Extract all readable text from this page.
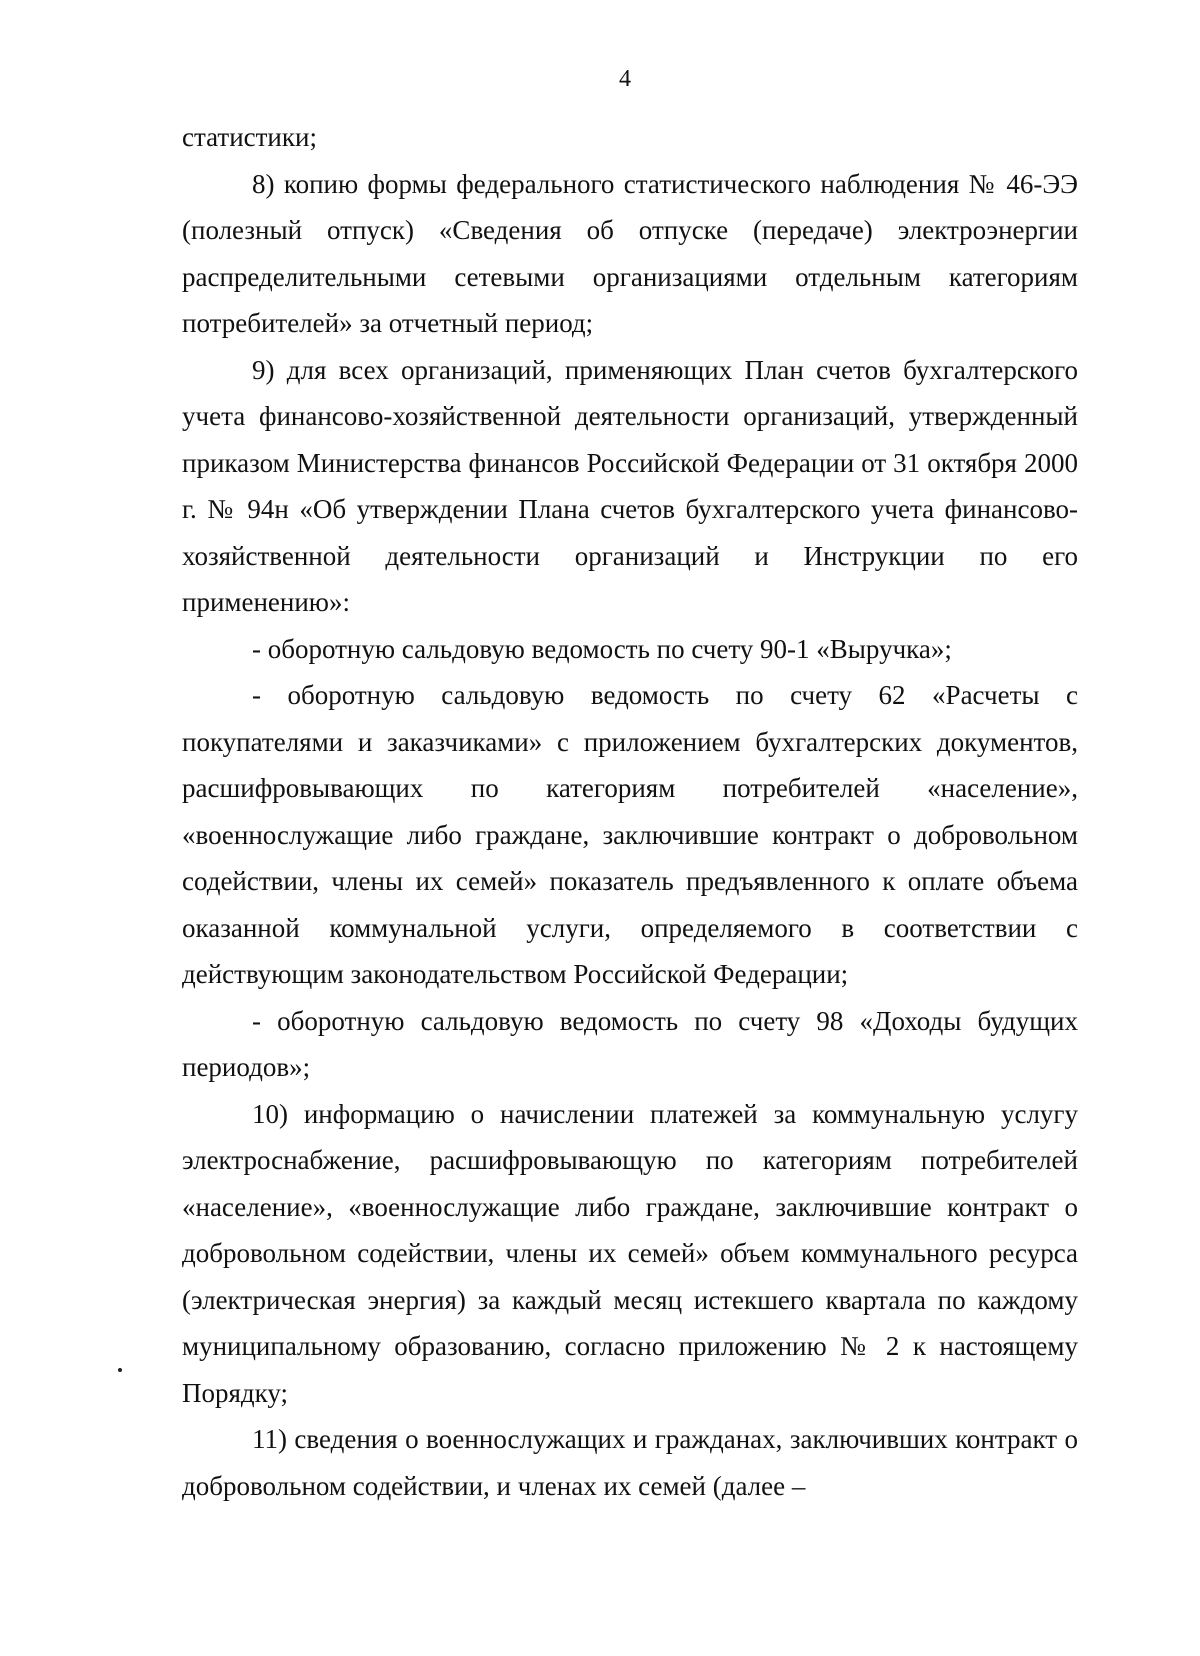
4

статистики;

8) копию формы федерального статистического наблюдения № 46-ЭЭ (полезный отпуск) «Сведения об отпуске (передаче) электроэнергии распределительными сетевыми организациями отдельным категориям потребителей» за отчетный период;

9) для всех организаций, применяющих План счетов бухгалтерского учета финансово-хозяйственной деятельности организаций, утвержденный приказом Министерства финансов Российской Федерации от 31 октября 2000 г. № 94н «Об утверждении Плана счетов бухгалтерского учета финансово-хозяйственной деятельности организаций и Инструкции по его применению»:

- оборотную сальдовую ведомость по счету 90-1 «Выручка»;

- оборотную сальдовую ведомость по счету 62 «Расчеты с покупателями и заказчиками» с приложением бухгалтерских документов, расшифровывающих по категориям потребителей «население», «военнослужащие либо граждане, заключившие контракт о добровольном содействии, члены их семей» показатель предъявленного к оплате объема оказанной коммунальной услуги, определяемого в соответствии с действующим законодательством Российской Федерации;

- оборотную сальдовую ведомость по счету 98 «Доходы будущих периодов»;

10) информацию о начислении платежей за коммунальную услугу электроснабжение, расшифровывающую по категориям потребителей «население», «военнослужащие либо граждане, заключившие контракт о добровольном содействии, члены их семей» объем коммунального ресурса (электрическая энергия) за каждый месяц истекшего квартала по каждому муниципальному образованию, согласно приложению № 2 к настоящему Порядку;

11) сведения о военнослужащих и гражданах, заключивших контракт о добровольном содействии, и членах их семей (далее –
